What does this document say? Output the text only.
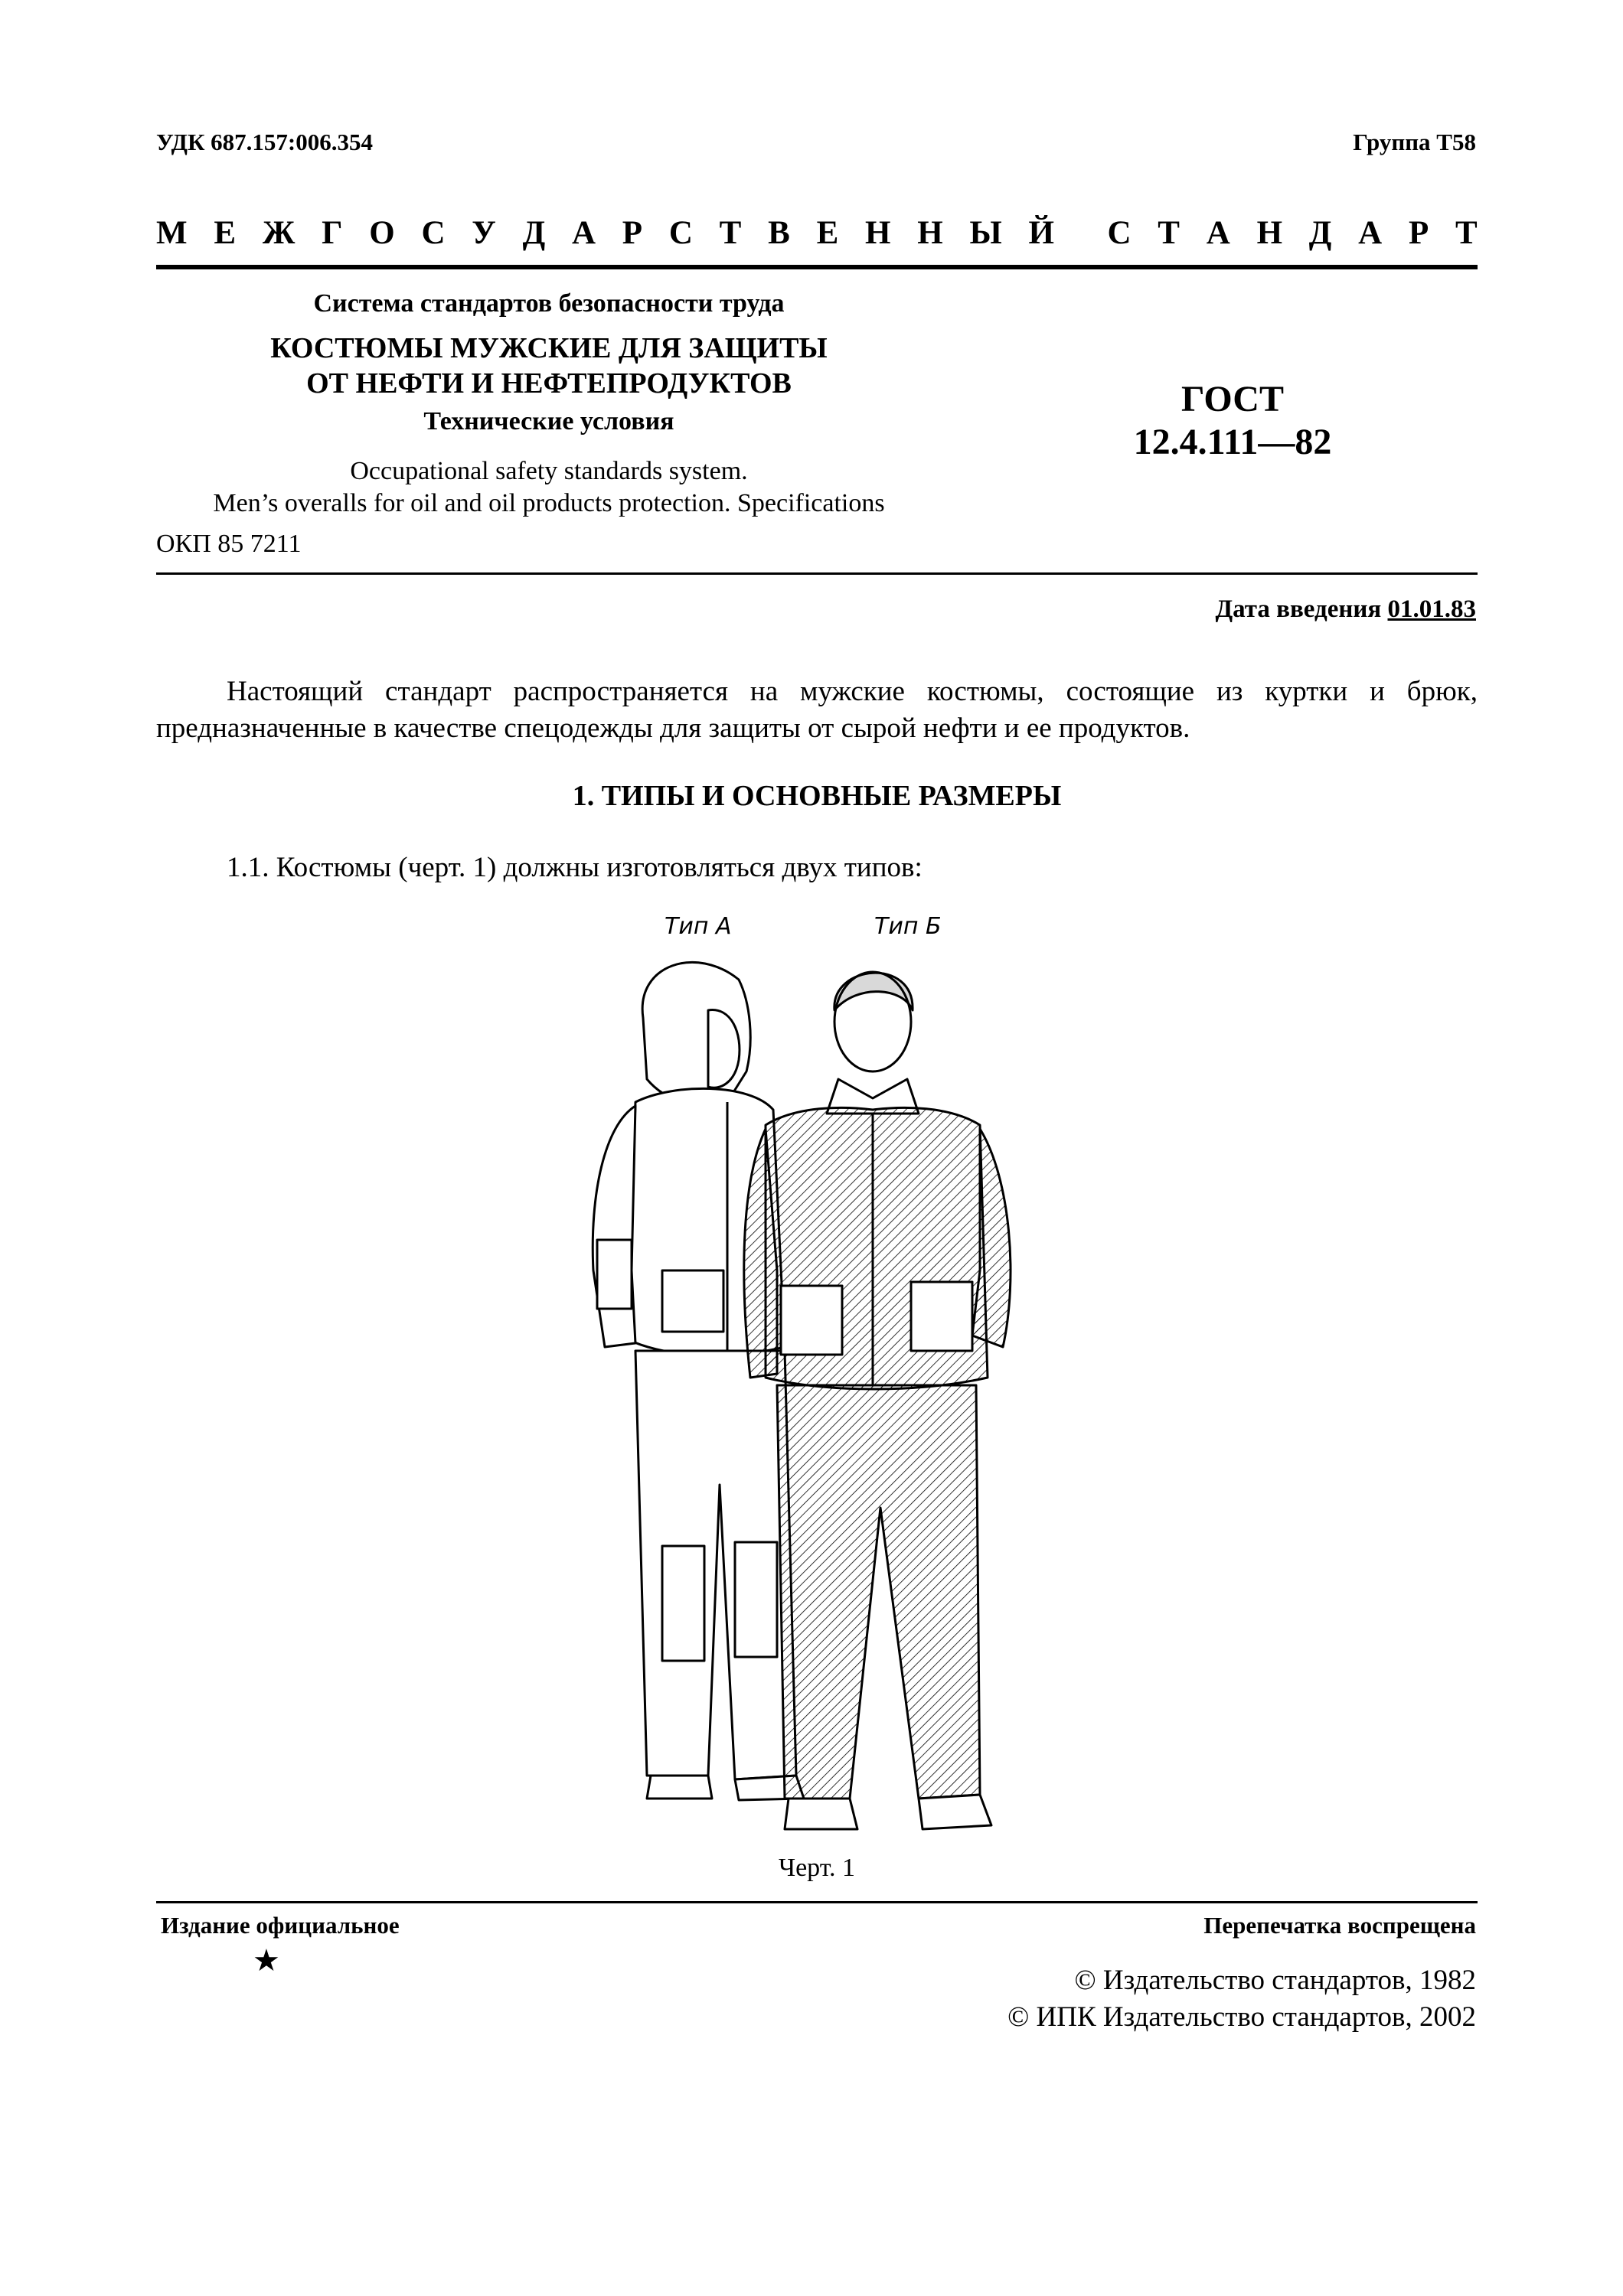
УДК 687.157:006.354	Группа Т58
М Е Ж Г О С У Д А Р С Т В Е Н Н Ы Й С Т А Н Д А Р Т
Система стандартов безопасности труда
КОСТЮМЫ МУЖСКИЕ ДЛЯ ЗАЩИТЫ
ОТ НЕФТИ И НЕФТЕПРОДУКТОВ
Технические условия
Occupational safety standards system.
Men’s overalls for oil and oil products protection. Specifications
ГОСТ
12.4.111—82
ОКП 85 7211
Дата введения 01.01.83
Настоящий стандарт распространяется на мужские костюмы, состоящие из куртки и брюк, предназначенные в качестве спецодежды для защиты от сырой нефти и ее продуктов.
1. ТИПЫ И ОСНОВНЫЕ РАЗМЕРЫ
1.1. Костюмы (черт. 1) должны изготовляться двух типов:
Тип А	Тип Б
Черт. 1
Издание официальное
★
Перепечатка воспрещена
© Издательство стандартов, 1982
© ИПК Издательство стандартов, 2002
